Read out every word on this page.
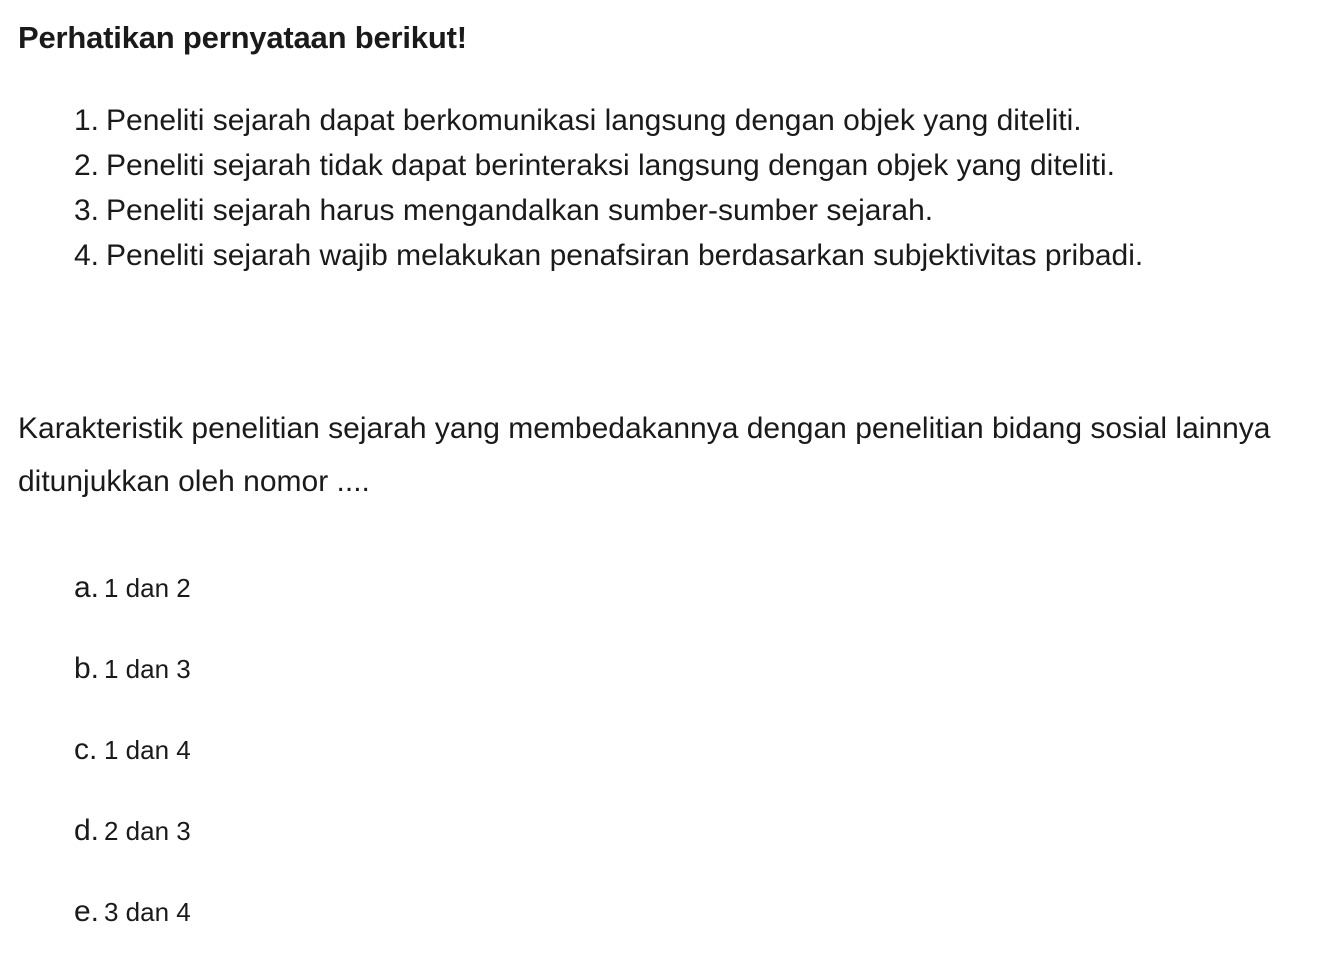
Perhatikan pernyataan berikut!
1. Peneliti sejarah dapat berkomunikasi langsung dengan objek yang diteliti.
2. Peneliti sejarah tidak dapat berinteraksi langsung dengan objek yang diteliti.
3. Peneliti sejarah harus mengandalkan sumber-sumber sejarah.
4. Peneliti sejarah wajib melakukan penafsiran berdasarkan subjektivitas pribadi.

Karakteristik penelitian sejarah yang membedakannya dengan penelitian bidang sosial lainnya ditunjukkan oleh nomor ....

a. 1 dan 2
b. 1 dan 3
c. 1 dan 4
d. 2 dan 3
e. 3 dan 4
